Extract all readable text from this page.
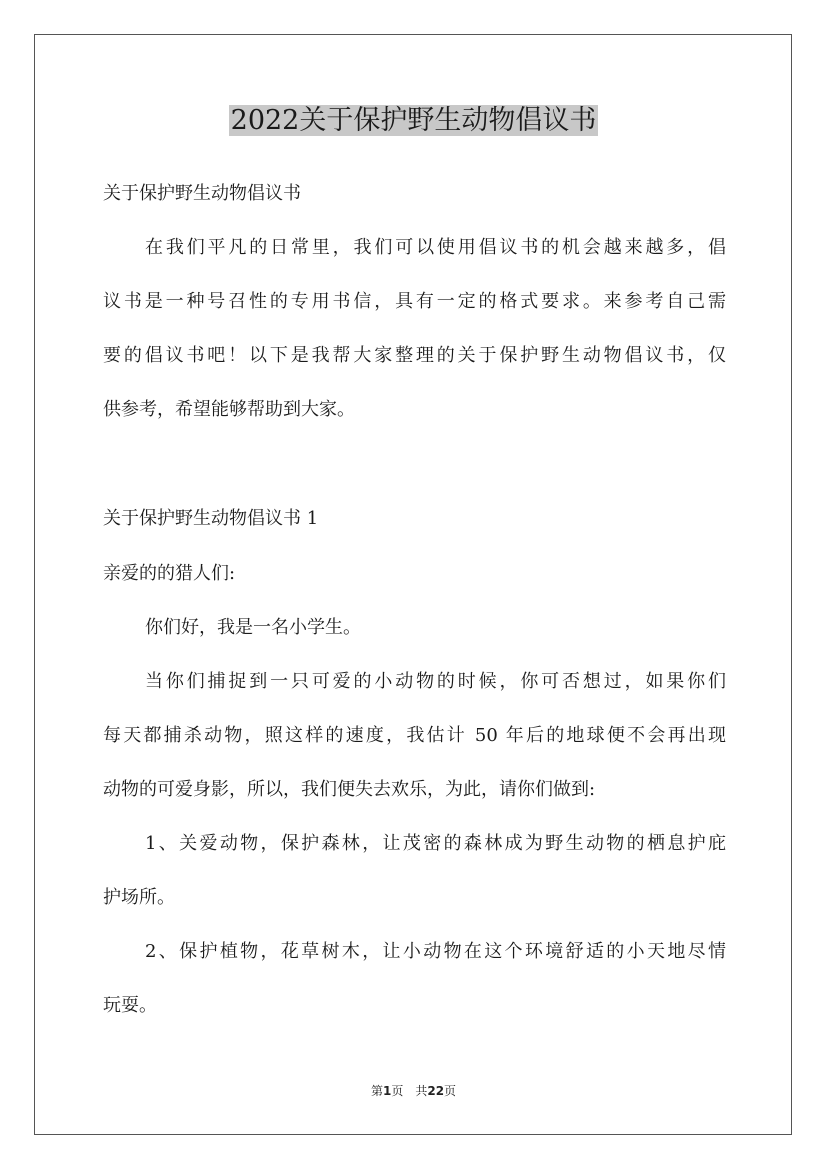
2022关于保护野生动物倡议书

关于保护野生动物倡议书

在我们平凡的日常里，我们可以使用倡议书的机会越来越多，倡

议书是一种号召性的专用书信，具有一定的格式要求。来参考自己需

要的倡议书吧！以下是我帮大家整理的关于保护野生动物倡议书，仅

供参考，希望能够帮助到大家。

关于保护野生动物倡议书 1

亲爱的的猎人们:

你们好，我是一名小学生。

当你们捕捉到一只可爱的小动物的时候，你可否想过，如果你们

每天都捕杀动物，照这样的速度，我估计 50 年后的地球便不会再出现

动物的可爱身影，所以，我们便失去欢乐，为此，请你们做到:

1、关爱动物，保护森林，让茂密的森林成为野生动物的栖息护庇

护场所。

2、保护植物，花草树木，让小动物在这个环境舒适的小天地尽情

玩耍。

第1页 共22页
